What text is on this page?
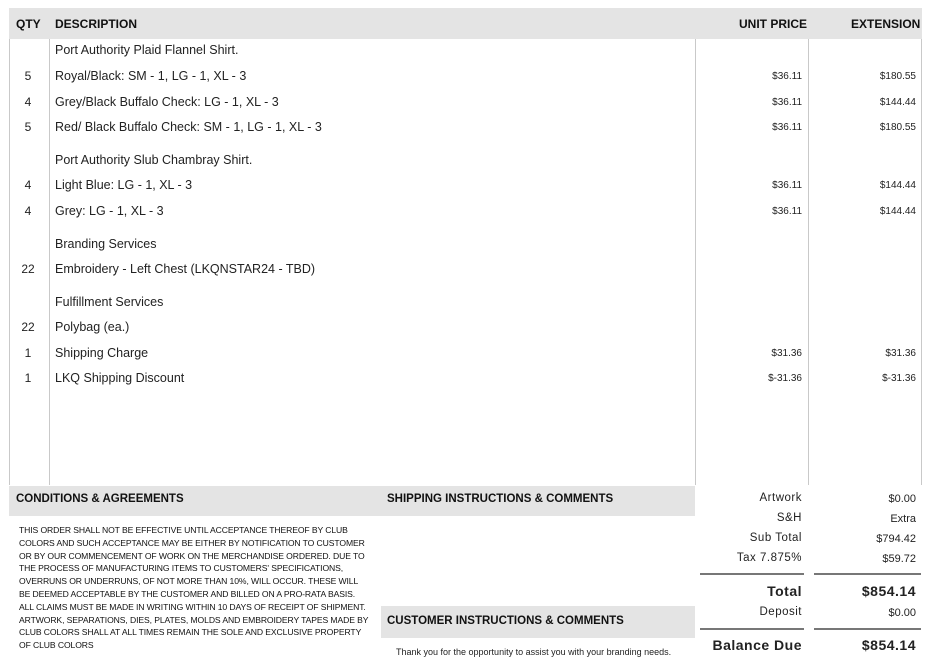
QTY DESCRIPTION	UNIT PRICE	EXTENSION
Port Authority Plaid Flannel Shirt.
5	Royal/Black: SM - 1, LG - 1, XL - 3	$36.11	$180.55
4	Grey/Black Buffalo Check: LG - 1, XL - 3	$36.11	$144.44
5	Red/ Black Buffalo Check: SM - 1, LG - 1, XL - 3	$36.11	$180.55
Port Authority Slub Chambray Shirt.
4	Light Blue: LG - 1, XL - 3	$36.11	$144.44
4	Grey: LG - 1, XL - 3	$36.11	$144.44
Branding Services
22	Embroidery - Left Chest (LKQNSTAR24 - TBD)
Fulfillment Services
22	Polybag (ea.)
1	Shipping Charge	$31.36	$31.36
1	LKQ Shipping Discount	$-31.36	$-31.36
CONDITIONS & AGREEMENTS	SHIPPING INSTRUCTIONS & COMMENTS
THIS ORDER SHALL NOT BE EFFECTIVE UNTIL ACCEPTANCE THEREOF BY CLUB COLORS AND SUCH ACCEPTANCE MAY BE EITHER BY NOTIFICATION TO CUSTOMER OR BY OUR COMMENCEMENT OF WORK ON THE MERCHANDISE ORDERED. DUE TO THE PROCESS OF MANUFACTURING ITEMS TO CUSTOMERS' SPECIFICATIONS, OVERRUNS OR UNDERRUNS, OF NOT MORE THAN 10%, WILL OCCUR. THESE WILL BE DEEMED ACCEPTABLE BY THE CUSTOMER AND BILLED ON A PRO-RATA BASIS. ALL CLAIMS MUST BE MADE IN WRITING WITHIN 10 DAYS OF RECEIPT OF SHIPMENT. ARTWORK, SEPARATIONS, DIES, PLATES, MOLDS AND EMBROIDERY TAPES MADE BY CLUB COLORS SHALL AT ALL TIMES REMAIN THE SOLE AND EXCLUSIVE PROPERTY OF CLUB COLORS
CUSTOMER INSTRUCTIONS & COMMENTS
Thank you for the opportunity to assist you with your branding needs.
Artwork	$0.00
S&H	Extra
Sub Total	$794.42
Tax 7.875%	$59.72
Total	$854.14
Deposit	$0.00
Balance Due	$854.14
